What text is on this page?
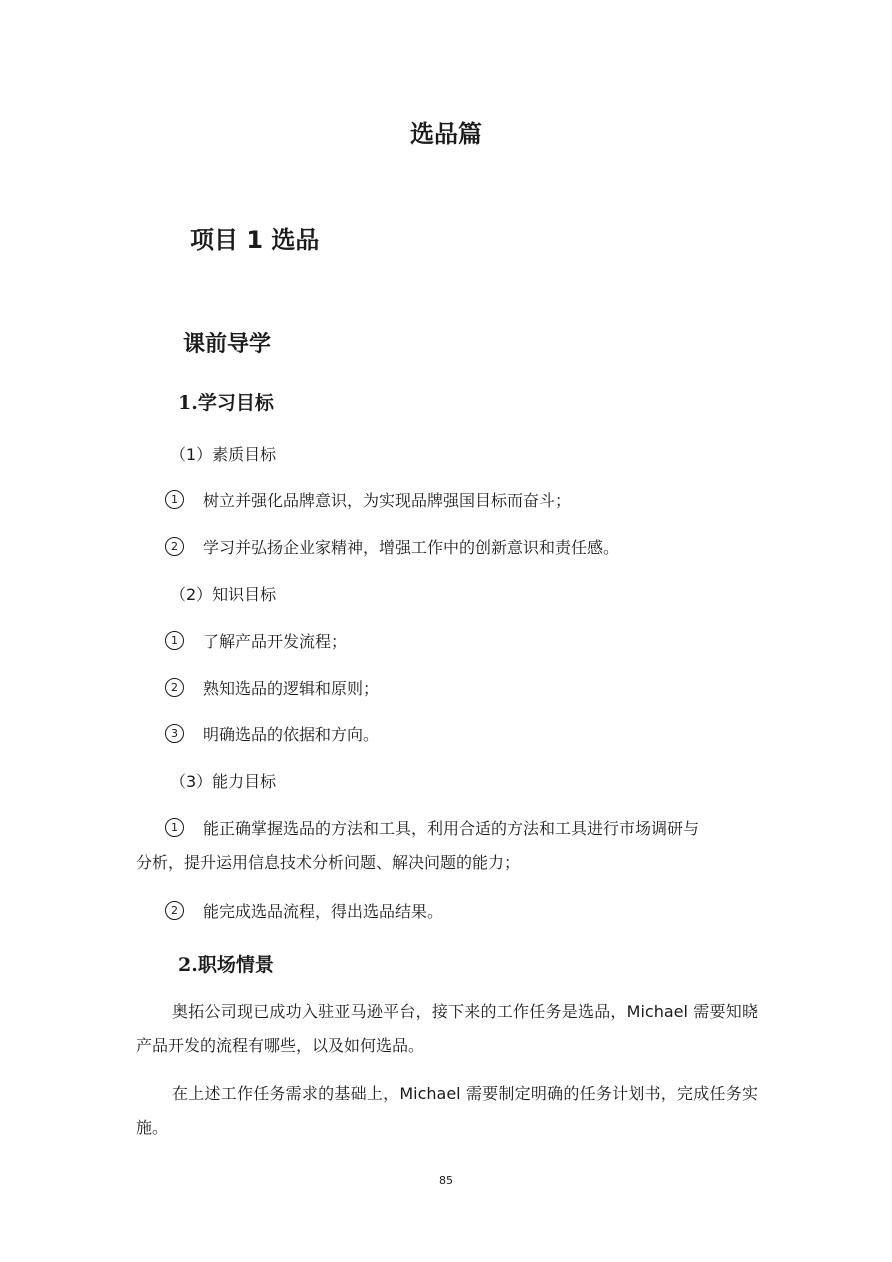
选品篇
项目 1 选品
课前导学
1.学习目标
（1）素质目标
1	树立并强化品牌意识，为实现品牌强国目标而奋斗；
2	学习并弘扬企业家精神，增强工作中的创新意识和责任感。
（2）知识目标
1	了解产品开发流程；
2	熟知选品的逻辑和原则；
3	明确选品的依据和方向。
（3）能力目标
1	能正确掌握选品的方法和工具，利用合适的方法和工具进行市场调研与
分析，提升运用信息技术分析问题、解决问题的能力；
2	能完成选品流程，得出选品结果。
2.职场情景
奥拓公司现已成功入驻亚马逊平台，接下来的工作任务是选品，Michael 需要知晓产品开发的流程有哪些，以及如何选品。
在上述工作任务需求的基础上，Michael 需要制定明确的任务计划书，完成任务实施。
85
